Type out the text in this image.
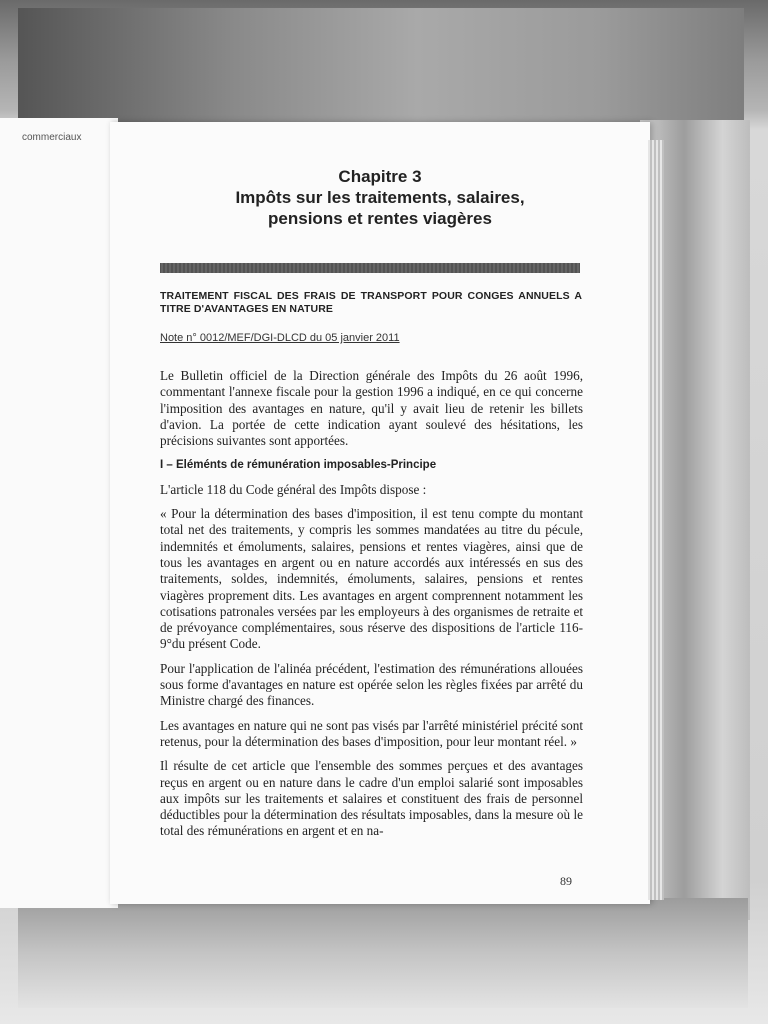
commerciaux
Chapitre 3
Impôts sur les traitements, salaires,
pensions et rentes viagères
TRAITEMENT FISCAL DES FRAIS DE TRANSPORT POUR CONGES ANNUELS A TITRE D'AVANTAGES EN NATURE
Note n° 0012/MEF/DGI-DLCD du 05 janvier 2011

Le Bulletin officiel de la Direction générale des Impôts du 26 août 1996, commentant l'annexe fiscale pour la gestion 1996 a indiqué, en ce qui concerne l'imposition des avantages en nature, qu'il y avait lieu de retenir les billets d'avion. La portée de cette indication ayant soulevé des hésitations, les précisions suivantes sont apportées.

I – Eléménts de rémunération imposables-Principe

L'article 118 du Code général des Impôts dispose :

« Pour la détermination des bases d'imposition, il est tenu compte du montant total net des traitements, y compris les sommes mandatées au titre du pécule, indemnités et émoluments, salaires, pensions et rentes viagères, ainsi que de tous les avantages en argent ou en nature accordés aux intéressés en sus des traitements, soldes, indemnités, émoluments, salaires, pensions et rentes viagères proprement dits. Les avantages en argent comprennent notamment les cotisations patronales versées par les employeurs à des organismes de retraite et de prévoyance complémentaires, sous réserve des dispositions de l'article 116-9°du présent Code.

Pour l'application de l'alinéa précédent, l'estimation des rémunérations allouées sous forme d'avantages en nature est opérée selon les règles fixées par arrêté du Ministre chargé des finances.

Les avantages en nature qui ne sont pas visés par l'arrêté ministériel précité sont retenus, pour la détermination des bases d'imposition, pour leur montant réel. »

Il résulte de cet article que l'ensemble des sommes perçues et des avantages reçus en argent ou en nature dans le cadre d'un emploi salarié sont imposables aux impôts sur les traitements et salaires et constituent des frais de personnel déductibles pour la détermination des résultats imposables, dans la mesure où le total des rémunérations en argent et en na-

89
